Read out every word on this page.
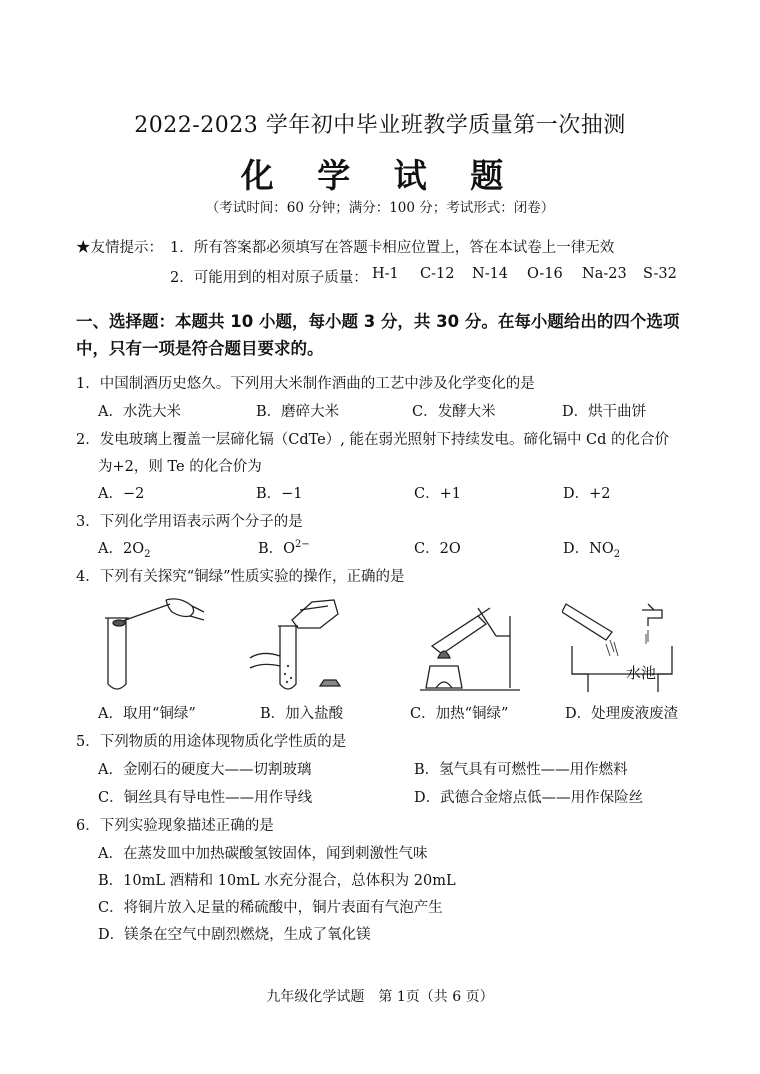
2022-2023 学年初中毕业班教学质量第一次抽测
化 学 试 题
（考试时间：60 分钟；满分：100 分；考试形式：闭卷）
★友情提示： 1．所有答案都必须填写在答题卡相应位置上，答在本试卷上一律无效
2．可能用到的相对原子质量： H-1 C-12 N-14 O-16 Na-23 S-32
一、选择题：本题共 10 小题，每小题 3 分，共 30 分。在每小题给出的四个选项中，只有一项是符合题目要求的。
1．中国制酒历史悠久。下列用大米制作酒曲的工艺中涉及化学变化的是
A．水洗大米	B．磨碎大米	C．发酵大米	D．烘干曲饼
2．发电玻璃上覆盖一层碲化镉（CdTe）, 能在弱光照射下持续发电。碲化镉中 Cd 的化合价
为+2，则 Te 的化合价为
A．−2	B．−1	C．+1	D．+2
3．下列化学用语表示两个分子的是
A．$2O_2$	B．$O^{2-}$	C．2O	D．$NO_2$
4．下列有关探究“铜绿”性质实验的操作，正确的是
水池
A．取用“铜绿”	B．加入盐酸	C．加热“铜绿”	D．处理废液废渣
5．下列物质的用途体现物质化学性质的是
A．金刚石的硬度大——切割玻璃	B．氢气具有可燃性——用作燃料
C．铜丝具有导电性——用作导线	D．武德合金熔点低——用作保险丝
6．下列实验现象描述正确的是
A．在蒸发皿中加热碳酸氢铵固体，闻到刺激性气味
B．10mL 酒精和 10mL 水充分混合，总体积为 20mL
C．将铜片放入足量的稀硫酸中，铜片表面有气泡产生
D．镁条在空气中剧烈燃烧，生成了氧化镁
九年级化学试题　第 1页（共 6 页）
